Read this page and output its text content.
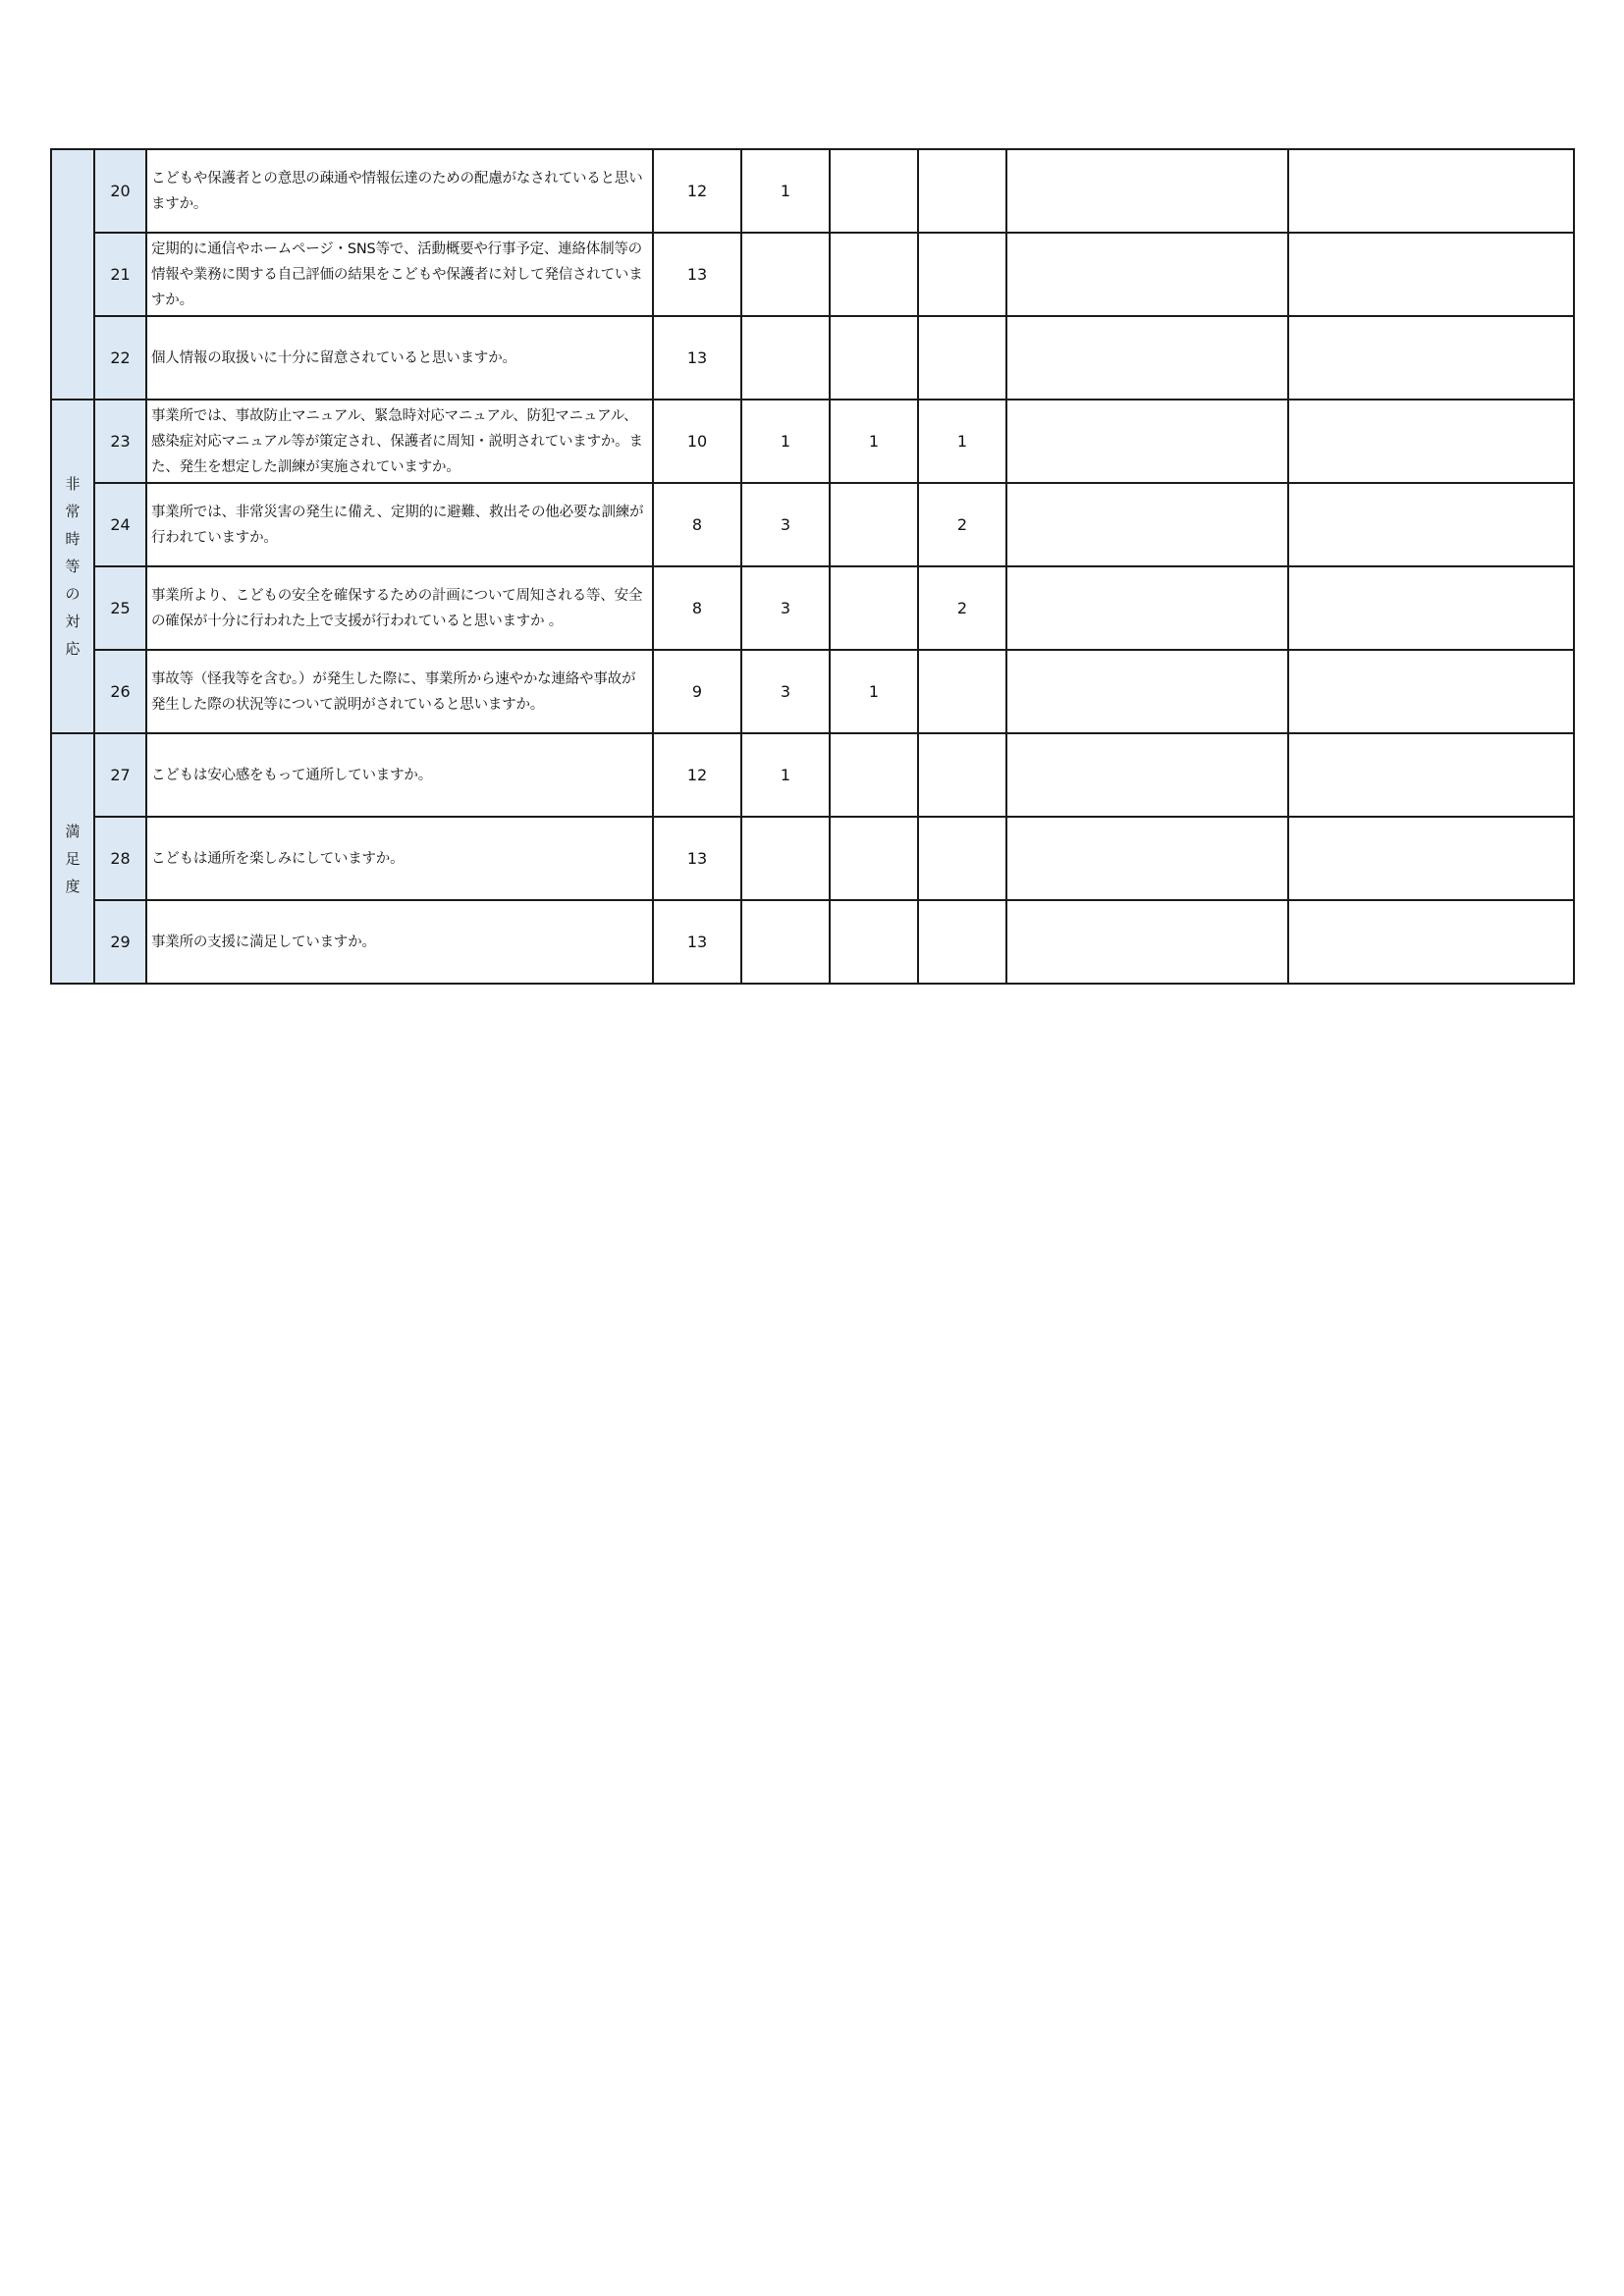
	20	こどもや保護者との意思の疎通や情報伝達のための配慮がなされていると思いますか。	12	1				
	21	定期的に通信やホームページ・SNS等で、活動概要や行事予定、連絡体制等の情報や業務に関する自己評価の結果をこどもや保護者に対して発信されていますか。	13					
	22	個人情報の取扱いに十分に留意されていると思いますか。	13					
非常時等の対応	23	事業所では、事故防止マニュアル、緊急時対応マニュアル、防犯マニュアル、感染症対応マニュアル等が策定され、保護者に周知・説明されていますか。また、発生を想定した訓練が実施されていますか。	10	1	1	1		
	24	事業所では、非常災害の発生に備え、定期的に避難、救出その他必要な訓練が行われていますか。	8	3		2		
	25	事業所より、こどもの安全を確保するための計画について周知される等、安全の確保が十分に行われた上で支援が行われていると思いますか 。	8	3		2		
	26	事故等（怪我等を含む。）が発生した際に、事業所から速やかな連絡や事故が発生した際の状況等について説明がされていると思いますか。	9	3	1			
満足度	27	こどもは安心感をもって通所していますか。	12	1				
	28	こどもは通所を楽しみにしていますか。	13					
	29	事業所の支援に満足していますか。	13					
